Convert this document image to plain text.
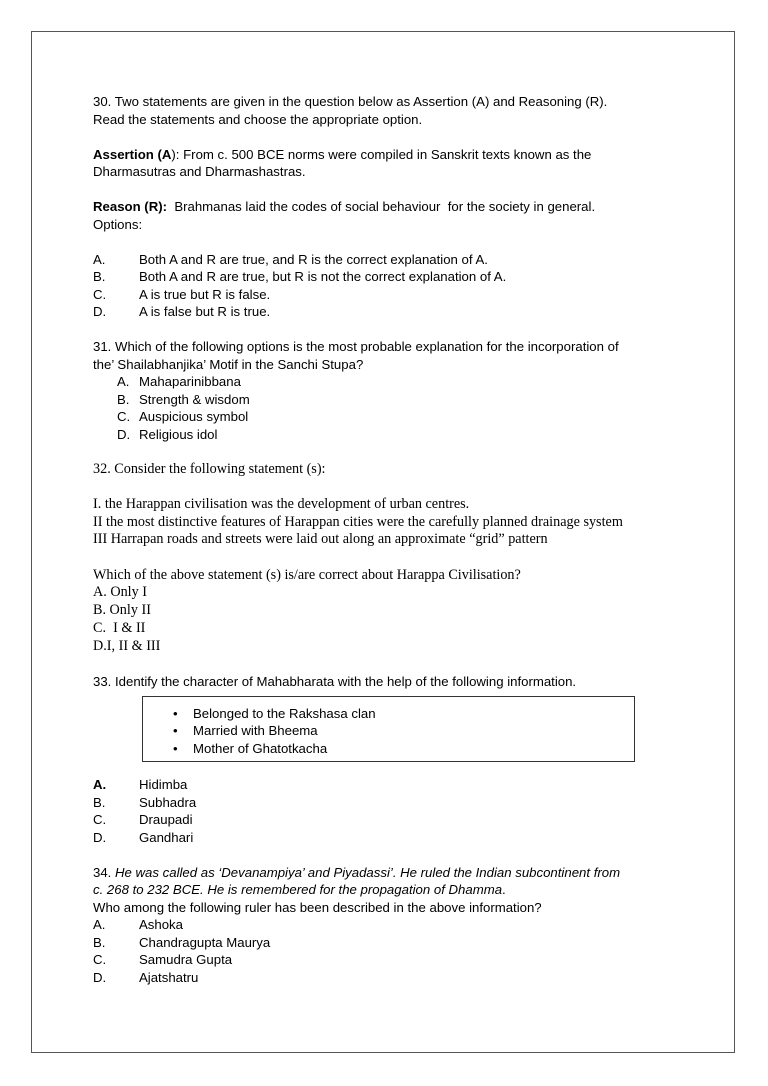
30. Two statements are given in the question below as Assertion (A) and Reasoning (R).

Read the statements and choose the appropriate option.

Assertion (A): From c. 500 BCE norms were compiled in Sanskrit texts known as the

Dharmasutras and Dharmashastras.

Reason (R):  Brahmanas laid the codes of social behaviour  for the society in general.

Options:

A.	Both A and R are true, and R is the correct explanation of A.
B.	Both A and R are true, but R is not the correct explanation of A.
C. A is true but R is false.
D. A is false but R is true.

31. Which of the following options is the most probable explanation for the incorporation of

the’ Shailabhanjika’ Motif in the Sanchi Stupa?

A. Mahaparinibbana
B. Strength & wisdom
C. Auspicious symbol
D. Religious idol

32. Consider the following statement (s):

I. the Harappan civilisation was the development of urban centres.

II the most distinctive features of Harappan cities were the carefully planned drainage system

III Harrapan roads and streets were laid out along an approximate “grid” pattern

Which of the above statement (s) is/are correct about Harappa Civilisation?

A. Only I

B. Only II

C.  I & II

D.I, II & III

33. Identify the character of Mahabharata with the help of the following information.

• Belonged to the Rakshasa clan
• Married with Bheema
• Mother of Ghatotkacha
A. Hidimba
B.	Subhadra
C. Draupadi
D. Gandhari

34. He was called as ‘Devanampiya’ and Piyadassi’. He ruled the Indian subcontinent from

c. 268 to 232 BCE. He is remembered for the propagation of Dhamma.

Who among the following ruler has been described in the above information?

A.	Ashoka
B.	Chandragupta Maurya
C. Samudra Gupta
D. Ajatshatru
